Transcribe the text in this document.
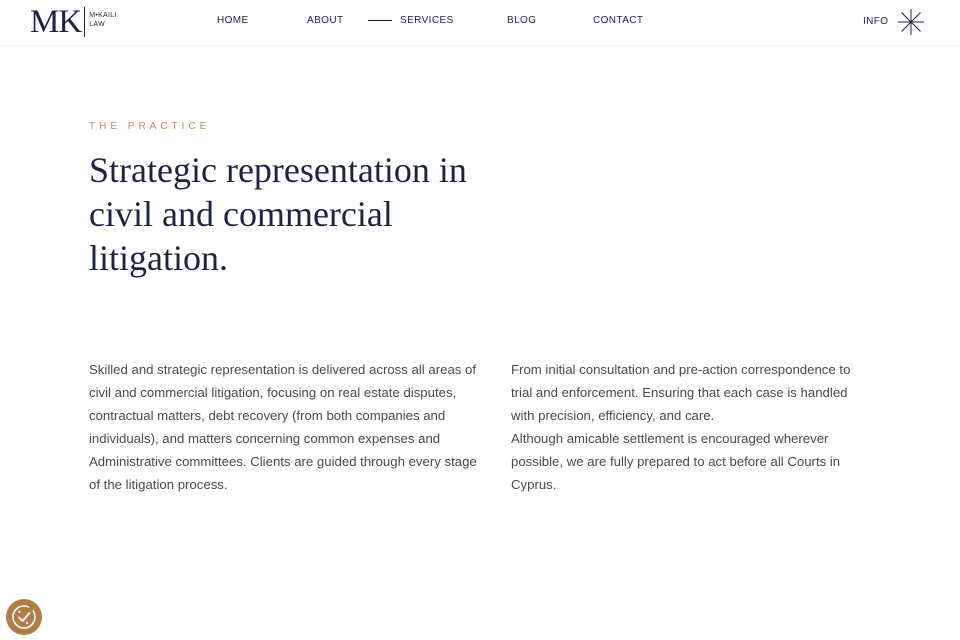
MK M•KAILI
LAW	HOME	ABOUT	SERVICES	BLOG	CONTACT	INFO
THE PRACTICE
Strategic representation in civil and commercial litigation.

Skilled and strategic representation is delivered across all areas of civil and commercial litigation, focusing on real estate disputes, contractual matters, debt recovery (from both companies and individuals), and matters concerning common expenses and Administrative committees. Clients are guided through every stage of the litigation process.

From initial consultation and pre-action correspondence to trial and enforcement. Ensuring that each case is handled with precision, efficiency, and care.
Although amicable settlement is encouraged wherever possible, we are fully prepared to act before all Courts in Cyprus.
